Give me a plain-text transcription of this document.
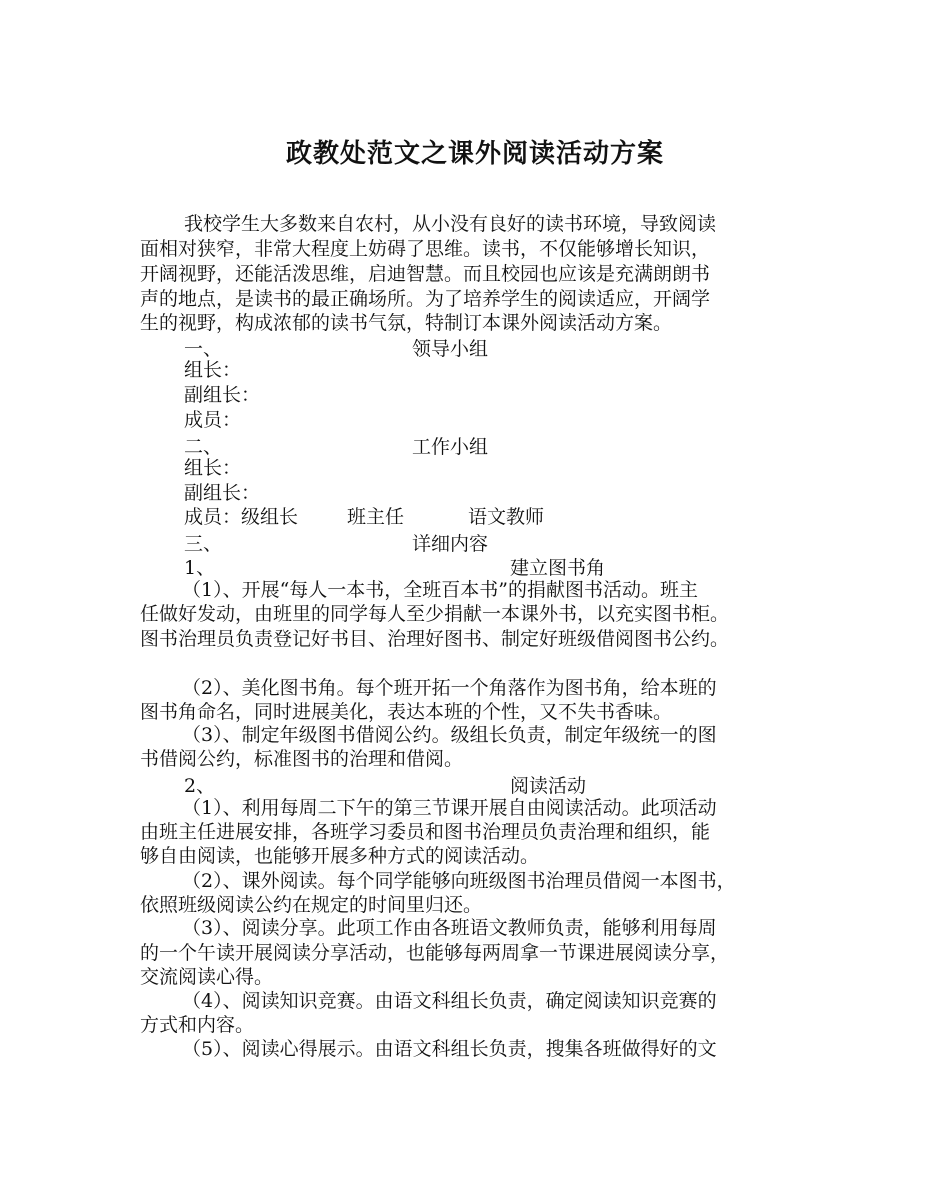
政教处范文之课外阅读活动方案
我校学生大多数来自农村，从小没有良好的读书环境，导致阅读
面相对狭窄，非常大程度上妨碍了思维。读书，不仅能够增长知识，
开阔视野，还能活泼思维，启迪智慧。而且校园也应该是充满朗朗书
声的地点，是读书的最正确场所。为了培养学生的阅读适应，开阔学
生的视野，构成浓郁的读书气氛，特制订本课外阅读活动方案。
一、	领导小组
组长：
副组长：
成员：
二、	工作小组
组长：
副组长：
成员：级组长	班主任	语文教师
三、	详细内容
1、	建立图书角
（1）、开展“每人一本书，全班百本书”的捐献图书活动。班主
任做好发动，由班里的同学每人至少捐献一本课外书，以充实图书柜。
图书治理员负责登记好书目、治理好图书、制定好班级借阅图书公约。
（2）、美化图书角。每个班开拓一个角落作为图书角，给本班的
图书角命名，同时进展美化，表达本班的个性，又不失书香味。
（3）、制定年级图书借阅公约。级组长负责，制定年级统一的图
书借阅公约，标准图书的治理和借阅。
2、	阅读活动
（1）、利用每周二下午的第三节课开展自由阅读活动。此项活动
由班主任进展安排，各班学习委员和图书治理员负责治理和组织，能
够自由阅读，也能够开展多种方式的阅读活动。
（2）、课外阅读。每个同学能够向班级图书治理员借阅一本图书，
依照班级阅读公约在规定的时间里归还。
（3）、阅读分享。此项工作由各班语文教师负责，能够利用每周
的一个午读开展阅读分享活动，也能够每两周拿一节课进展阅读分享，
交流阅读心得。
（4）、阅读知识竞赛。由语文科组长负责，确定阅读知识竞赛的
方式和内容。
（5）、阅读心得展示。由语文科组长负责，搜集各班做得好的文
